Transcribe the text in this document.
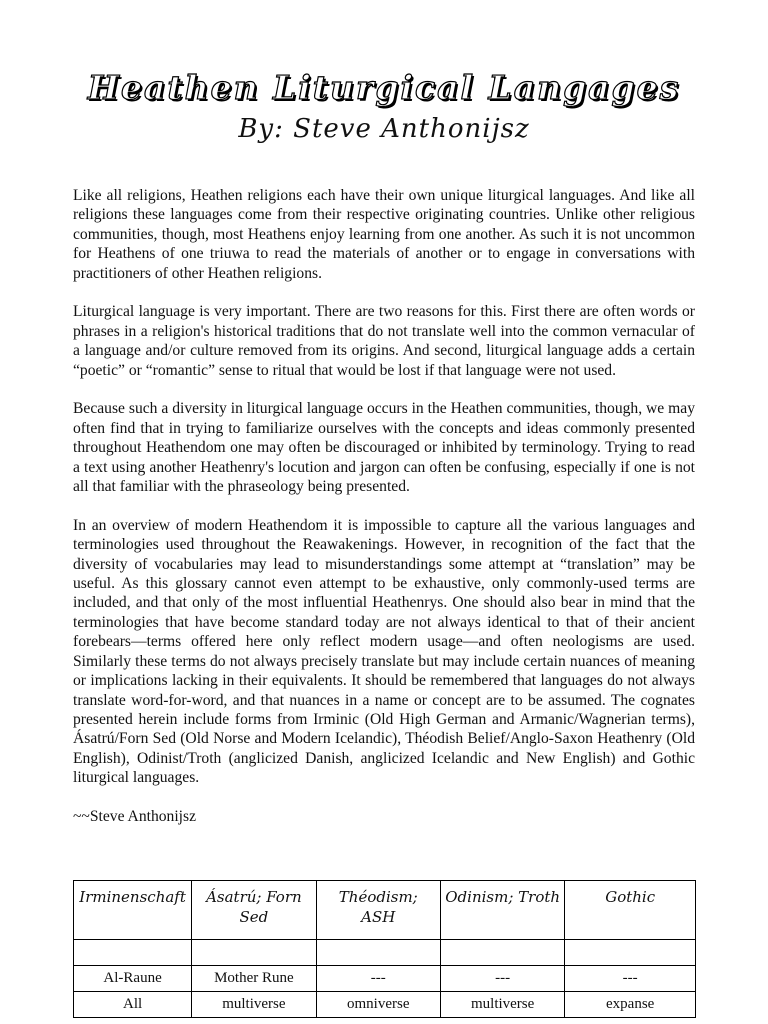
Heathen Liturgical Langages
By: Steve Anthonijsz

Like all religions, Heathen religions each have their own unique liturgical languages. And like all religions these languages come from their respective originating countries. Unlike other religious communities, though, most Heathens enjoy learning from one another. As such it is not uncommon for Heathens of one triuwa to read the materials of another or to engage in conversations with practitioners of other Heathen religions.

Liturgical language is very important. There are two reasons for this. First there are often words or phrases in a religion's historical traditions that do not translate well into the common vernacular of a language and/or culture removed from its origins. And second, liturgical language adds a certain “poetic” or “romantic” sense to ritual that would be lost if that language were not used.

Because such a diversity in liturgical language occurs in the Heathen communities, though, we may often find that in trying to familiarize ourselves with the concepts and ideas commonly presented throughout Heathendom one may often be discouraged or inhibited by terminology. Trying to read a text using another Heathenry's locution and jargon can often be confusing, especially if one is not all that familiar with the phraseology being presented.

In an overview of modern Heathendom it is impossible to capture all the various languages and terminologies used throughout the Reawakenings. However, in recognition of the fact that the diversity of vocabularies may lead to misunderstandings some attempt at “translation” may be useful. As this glossary cannot even attempt to be exhaustive, only commonly-used terms are included, and that only of the most influential Heathenrys. One should also bear in mind that the terminologies that have become standard today are not always identical to that of their ancient forebears—terms offered here only reflect modern usage—and often neologisms are used. Similarly these terms do not always precisely translate but may include certain nuances of meaning or implications lacking in their equivalents. It should be remembered that languages do not always translate word-for-word, and that nuances in a name or concept are to be assumed. The cognates presented herein include forms from Irminic (Old High German and Armanic/Wagnerian terms), Ásatrú/Forn Sed (Old Norse and Modern Icelandic), Théodish Belief/Anglo-Saxon Heathenry (Old English), Odinist/Troth (anglicized Danish, anglicized Icelandic and New English) and Gothic liturgical languages.

~~Steve Anthonijsz

Irminenschaft	Ásatrú; Forn Sed	Théodism; ASH	Odinism; Troth	Gothic

Al-Raune	Mother Rune	---	---	---
All	multiverse	omniverse	multiverse	expanse
